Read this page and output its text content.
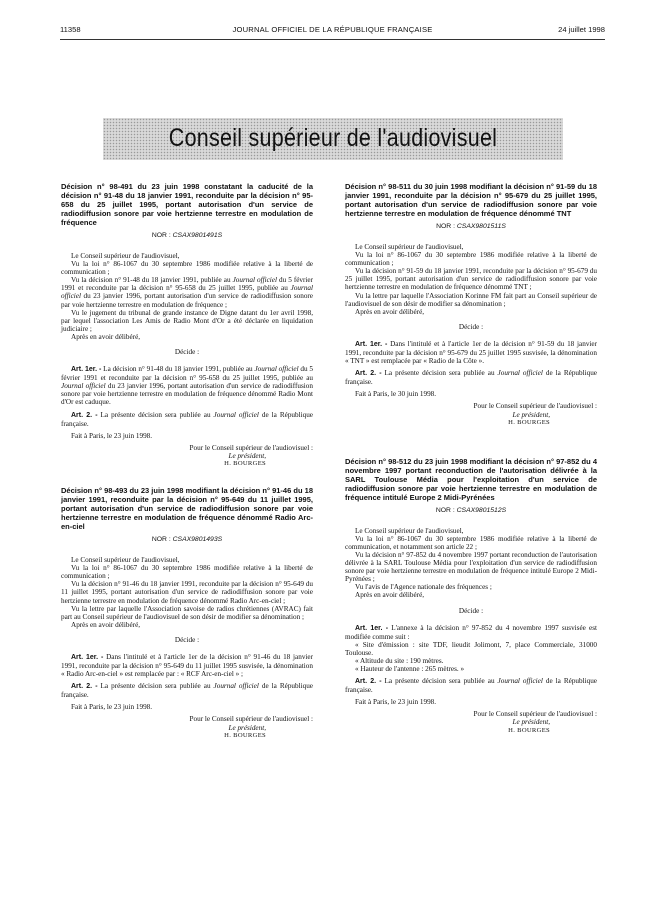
11358	JOURNAL OFFICIEL DE LA RÉPUBLIQUE FRANÇAISE	24 juillet 1998
Conseil supérieur de l'audiovisuel
Décision n° 98-491 du 23 juin 1998 constatant la caducité de la décision n° 91-48 du 18 janvier 1991, reconduite par la décision n° 95-658 du 25 juillet 1995, portant autorisation d'un service de radiodiffusion sonore par voie hertzienne terrestre en modulation de fréquence
NOR : CSAX9801491S

Le Conseil supérieur de l'audiovisuel,

Vu la loi n° 86-1067 du 30 septembre 1986 modifiée relative à la liberté de communication ;

Vu la décision n° 91-48 du 18 janvier 1991, publiée au Journal officiel du 5 février 1991 et reconduite par la décision n° 95-658 du 25 juillet 1995, publiée au Journal officiel du 23 janvier 1996, portant autorisation d'un service de radiodiffusion sonore par voie hertzienne terrestre en modulation de fréquence ;

Vu le jugement du tribunal de grande instance de Digne datant du 1er avril 1998, par lequel l'association Les Amis de Radio Mont d'Or a été déclarée en liquidation judiciaire ;

Après en avoir délibéré,

Décide :

Art. 1er. - La décision n° 91-48 du 18 janvier 1991, publiée au Journal officiel du 5 février 1991 et reconduite par la décision n° 95-658 du 25 juillet 1995, publiée au Journal officiel du 23 janvier 1996, portant autorisation d'un service de radiodiffusion sonore par voie hertzienne terrestre en modulation de fréquence dénommé Radio Mont d'Or est caduque.

Art. 2. - La présente décision sera publiée au Journal officiel de la République française.

Fait à Paris, le 23 juin 1998.

Pour le Conseil supérieur de l'audiovisuel :
Le président,
H. BOURGES
Décision n° 98-493 du 23 juin 1998 modifiant la décision n° 91-46 du 18 janvier 1991, reconduite par la décision n° 95-649 du 11 juillet 1995, portant autorisation d'un service de radiodiffusion sonore par voie hertzienne terrestre en modulation de fréquence dénommé Radio Arc-en-ciel
NOR : CSAX9801493S

Le Conseil supérieur de l'audiovisuel,

Vu la loi n° 86-1067 du 30 septembre 1986 modifiée relative à la liberté de communication ;

Vu la décision n° 91-46 du 18 janvier 1991, reconduite par la décision n° 95-649 du 11 juillet 1995, portant autorisation d'un service de radiodiffusion sonore par voie hertzienne terrestre en modulation de fréquence dénommé Radio Arc-en-ciel ;

Vu la lettre par laquelle l'Association savoise de radios chrétiennes (AVRAC) fait part au Conseil supérieur de l'audiovisuel de son désir de modifier sa dénomination ;

Après en avoir délibéré,

Décide :

Art. 1er. - Dans l'intitulé et à l'article 1er de la décision n° 91-46 du 18 janvier 1991, reconduite par la décision n° 95-649 du 11 juillet 1995 susvisée, la dénomination « Radio Arc-en-ciel » est remplacée par : « RCF Arc-en-ciel » ;

Art. 2. - La présente décision sera publiée au Journal officiel de la République française.

Fait à Paris, le 23 juin 1998.

Pour le Conseil supérieur de l'audiovisuel :
Le président,
H. BOURGES
Décision n° 98-511 du 30 juin 1998 modifiant la décision n° 91-59 du 18 janvier 1991, reconduite par la décision n° 95-679 du 25 juillet 1995, portant autorisation d'un service de radiodiffusion sonore par voie hertzienne terrestre en modulation de fréquence dénommé TNT
NOR : CSAX9801511S

Le Conseil supérieur de l'audiovisuel,

Vu la loi n° 86-1067 du 30 septembre 1986 modifiée relative à la liberté de communication ;

Vu la décision n° 91-59 du 18 janvier 1991, reconduite par la décision n° 95-679 du 25 juillet 1995, portant autorisation d'un service de radiodiffusion sonore par voie hertzienne terrestre en modulation de fréquence dénommé TNT ;

Vu la lettre par laquelle l'Association Korinne FM fait part au Conseil supérieur de l'audiovisuel de son désir de modifier sa dénomination ;

Après en avoir délibéré,

Décide :

Art. 1er. - Dans l'intitulé et à l'article 1er de la décision n° 91-59 du 18 janvier 1991, reconduite par la décision n° 95-679 du 25 juillet 1995 susvisée, la dénomination « TNT » est remplacée par « Radio de la Côte ».

Art. 2. - La présente décision sera publiée au Journal officiel de la République française.

Fait à Paris, le 30 juin 1998.

Pour le Conseil supérieur de l'audiovisuel :
Le président,
H. BOURGES
Décision n° 98-512 du 23 juin 1998 modifiant la décision n° 97-852 du 4 novembre 1997 portant reconduction de l'autorisation délivrée à la SARL Toulouse Média pour l'exploitation d'un service de radiodiffusion sonore par voie hertzienne terrestre en modulation de fréquence intitulé Europe 2 Midi-Pyrénées
NOR : CSAX9801512S

Le Conseil supérieur de l'audiovisuel,

Vu la loi n° 86-1067 du 30 septembre 1986 modifiée relative à la liberté de communication, et notamment son article 22 ;

Vu la décision n° 97-852 du 4 novembre 1997 portant reconduction de l'autorisation délivrée à la SARL Toulouse Média pour l'exploitation d'un service de radiodiffusion sonore par voie hertzienne terrestre en modulation de fréquence intitulé Europe 2 Midi-Pyrénées ;

Vu l'avis de l'Agence nationale des fréquences ;

Après en avoir délibéré,

Décide :

Art. 1er. - L'annexe à la décision n° 97-852 du 4 novembre 1997 susvisée est modifiée comme suit :

« Site d'émission : site TDF, lieudit Jolimont, 7, place Commerciale, 31000 Toulouse.

« Altitude du site : 190 mètres.

« Hauteur de l'antenne : 265 mètres. »

Art. 2. - La présente décision sera publiée au Journal officiel de la République française.

Fait à Paris, le 23 juin 1998.

Pour le Conseil supérieur de l'audiovisuel :
Le président,
H. BOURGES
